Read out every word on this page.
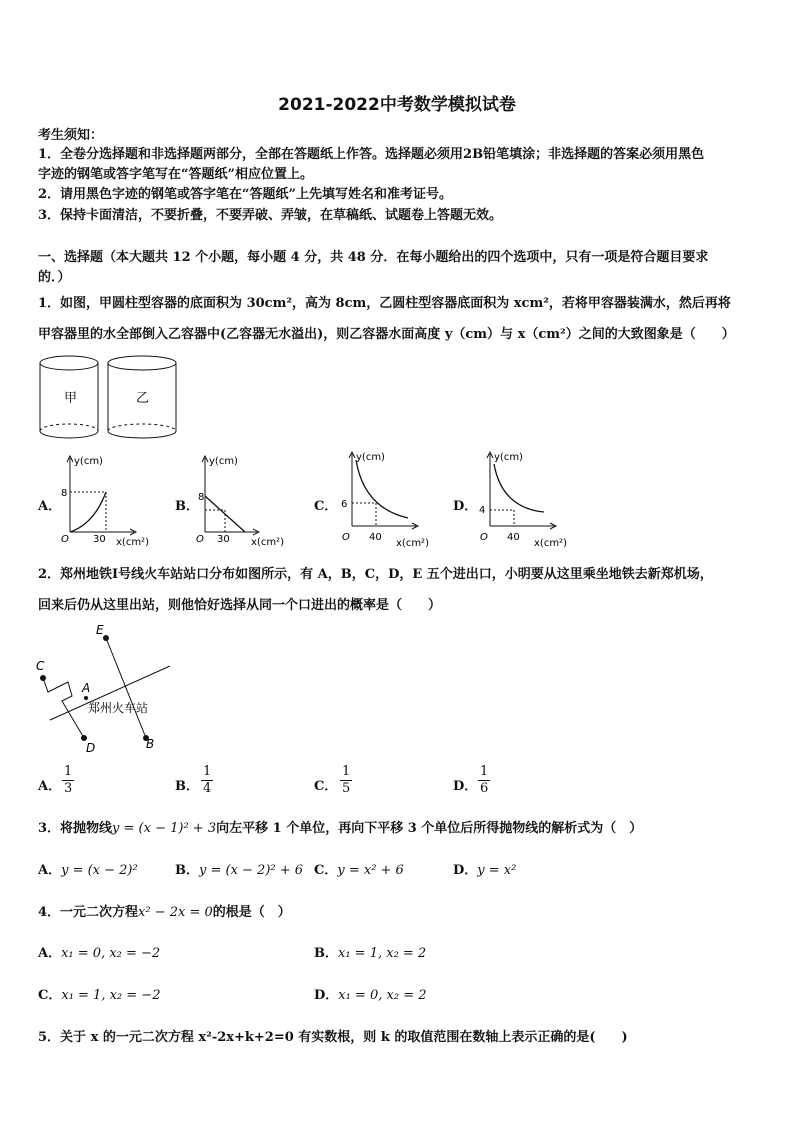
2021-2022中考数学模拟试卷
考生须知：
1．全卷分选择题和非选择题两部分，全部在答题纸上作答。选择题必须用2B铅笔填涂；非选择题的答案必须用黑色
字迹的钢笔或答字笔写在“答题纸”相应位置上。
2．请用黑色字迹的钢笔或答字笔在“答题纸”上先填写姓名和准考证号。
3．保持卡面清洁，不要折叠，不要弄破、弄皱，在草稿纸、试题卷上答题无效。
一、选择题（本大题共 12 个小题，每小题 4 分，共 48 分．在每小题给出的四个选项中，只有一项是符合题目要求
的．）
1．如图，甲圆柱型容器的底面积为 30cm²，高为 8cm，乙圆柱型容器底面积为 xcm²，若将甲容器装满水，然后再将
甲容器里的水全部倒入乙容器中(乙容器无水溢出)，则乙容器水面高度 y（cm）与 x（cm²）之间的大致图象是（　　）
甲	乙
A．
y(cm)
8
O 30 x(cm²)
B．
y(cm)
8
O 30 x(cm²)
C．
y(cm)
6
O 40
x(cm²)
D．
y(cm)
4
O 40
x(cm²)
2．郑州地铁Ⅰ号线火车站站口分布如图所示，有 A，B，C，D，E 五个进出口，小明要从这里乘坐地铁去新郑机场，
回来后仍从这里出站，则他恰好选择从同一个口进出的概率是（　　）
E
C
A
D	B
郑州火车站
A． $\frac{1}{3}$	B． $\frac{1}{4}$	C． $\frac{1}{5}$	D． $\frac{1}{6}$
3．将抛物线y = (x − 1)² + 3向左平移 1 个单位，再向下平移 3 个单位后所得抛物线的解析式为（　）
A．y = (x − 2)²	B．y = (x − 2)² + 6 C．y = x² + 6	D．y = x²
4．一元二次方程x² − 2x = 0的根是（　）
A．x₁ = 0, x₂ = −2	B．x₁ = 1, x₂ = 2
C．x₁ = 1, x₂ = −2	D．x₁ = 0, x₂ = 2
5．关于 x 的一元二次方程 x²-2x+k+2=0 有实数根，则 k 的取值范围在数轴上表示正确的是(　　)
